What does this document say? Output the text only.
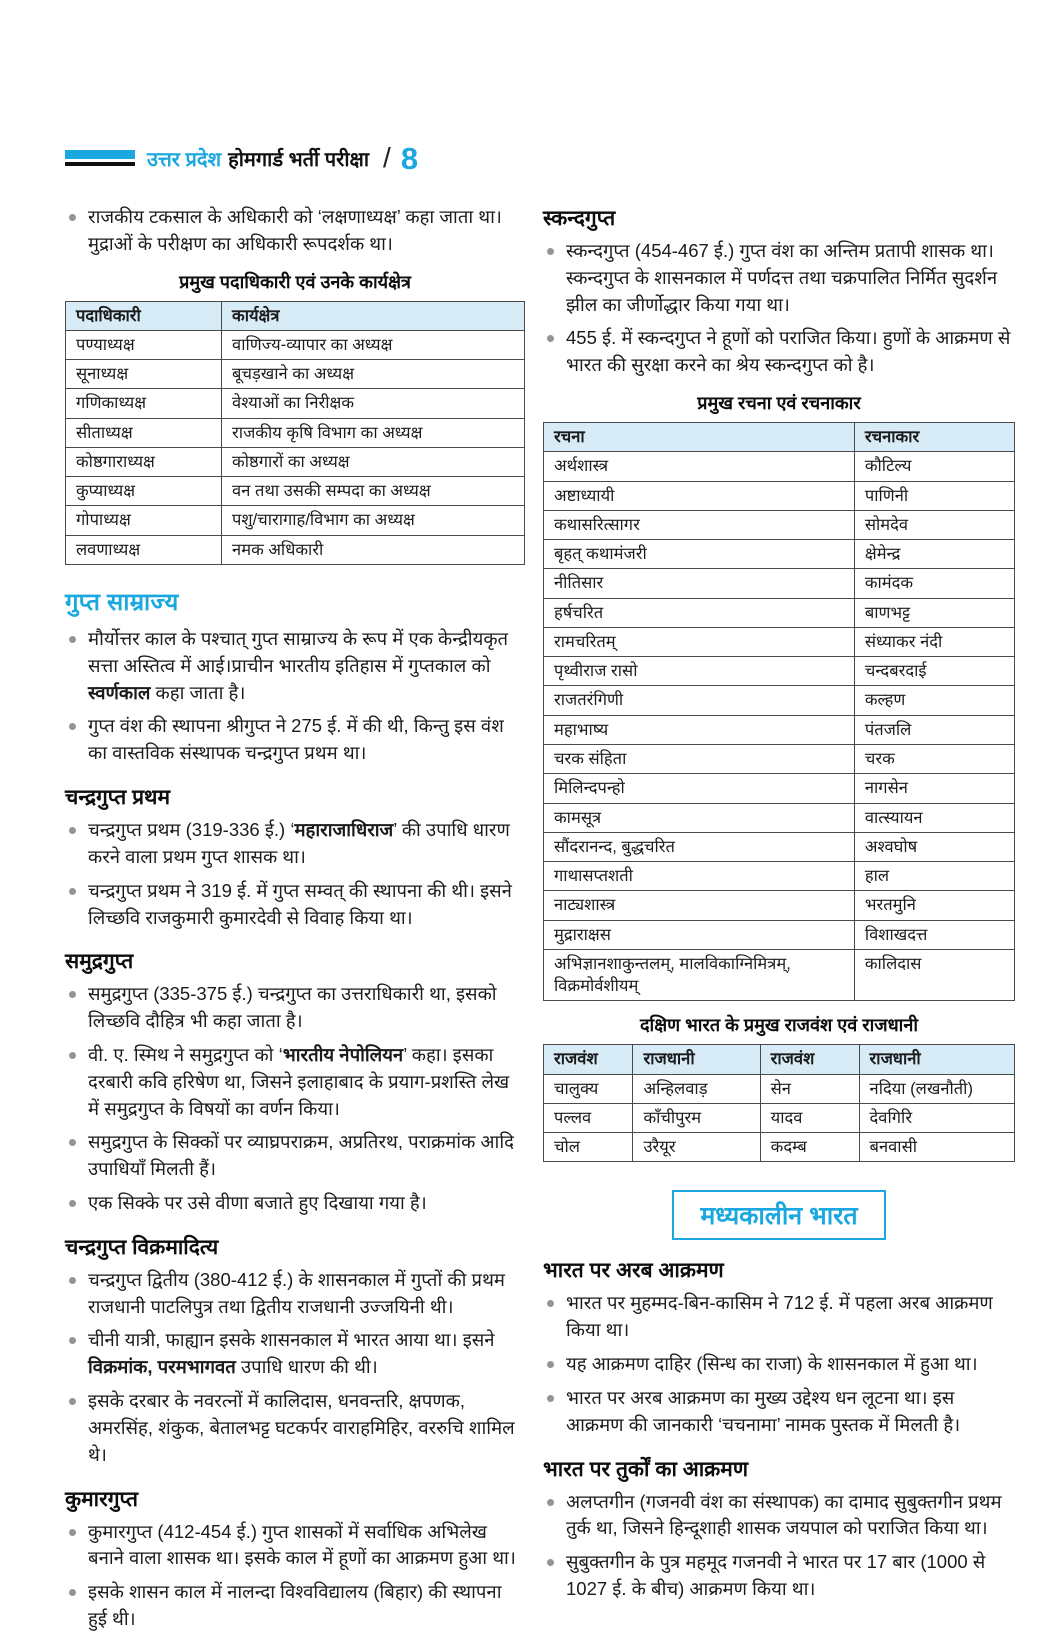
उत्तर प्रदेश होमगार्ड भर्ती परीक्षा / 8
राजकीय टकसाल के अधिकारी को ‘लक्षणाध्यक्ष’ कहा जाता था। मुद्राओं के परीक्षण का अधिकारी रूपदर्शक था।
प्रमुख पदाधिकारी एवं उनके कार्यक्षेत्र
पदाधिकारी	कार्यक्षेत्र
पण्याध्यक्ष	वाणिज्य-व्यापार का अध्यक्ष
सूनाध्यक्ष	बूचड़खाने का अध्यक्ष
गणिकाध्यक्ष	वेश्याओं का निरीक्षक
सीताध्यक्ष	राजकीय कृषि विभाग का अध्यक्ष
कोष्ठगाराध्यक्ष	कोष्ठगारों का अध्यक्ष
कुप्याध्यक्ष	वन तथा उसकी सम्पदा का अध्यक्ष
गोपाध्यक्ष	पशु/चारागाह/विभाग का अध्यक्ष
लवणाध्यक्ष	नमक अधिकारी
गुप्त साम्राज्य
मौर्योत्तर काल के पश्चात् गुप्त साम्राज्य के रूप में एक केन्द्रीयकृत सत्ता अस्तित्व में आई।प्राचीन भारतीय इतिहास में गुप्तकाल को स्वर्णकाल कहा जाता है।
गुप्त वंश की स्थापना श्रीगुप्त ने 275 ई. में की थी, किन्तु इस वंश का वास्तविक संस्थापक चन्द्रगुप्त प्रथम था।
चन्द्रगुप्त प्रथम
चन्द्रगुप्त प्रथम (319-336 ई.) ‘महाराजाधिराज’ की उपाधि धारण करने वाला प्रथम गुप्त शासक था।
चन्द्रगुप्त प्रथम ने 319 ई. में गुप्त सम्वत् की स्थापना की थी। इसने लिच्छवि राजकुमारी कुमारदेवी से विवाह किया था।
समुद्रगुप्त
समुद्रगुप्त (335-375 ई.) चन्द्रगुप्त का उत्तराधिकारी था, इसको लिच्छवि दौहित्र भी कहा जाता है।
वी. ए. स्मिथ ने समुद्रगुप्त को ‘भारतीय नेपोलियन’ कहा। इसका दरबारी कवि हरिषेण था, जिसने इलाहाबाद के प्रयाग-प्रशस्ति लेख में समुद्रगुप्त के विषयों का वर्णन किया।
समुद्रगुप्त के सिक्कों पर व्याघ्रपराक्रम, अप्रतिरथ, पराक्रमांक आदि उपाधियाँ मिलती हैं।
एक सिक्के पर उसे वीणा बजाते हुए दिखाया गया है।
चन्द्रगुप्त विक्रमादित्य
चन्द्रगुप्त द्वितीय (380-412 ई.) के शासनकाल में गुप्तों की प्रथम राजधानी पाटलिपुत्र तथा द्वितीय राजधानी उज्जयिनी थी।
चीनी यात्री, फाह्यान इसके शासनकाल में भारत आया था। इसने विक्रमांक, परमभागवत उपाधि धारण की थी।
इसके दरबार के नवरत्नों में कालिदास, धनवन्तरि, क्षपणक, अमरसिंह, शंकुक, बेतालभट्ट घटकर्पर वाराहमिहिर, वररुचि शामिल थे।
कुमारगुप्त
कुमारगुप्त (412-454 ई.) गुप्त शासकों में सर्वाधिक अभिलेख बनाने वाला शासक था। इसके काल में हूणों का आक्रमण हुआ था।
इसके शासन काल में नालन्दा विश्वविद्यालय (बिहार) की स्थापना हुई थी।
स्कन्दगुप्त
स्कन्दगुप्त (454-467 ई.) गुप्त वंश का अन्तिम प्रतापी शासक था। स्कन्दगुप्त के शासनकाल में पर्णदत्त तथा चक्रपालित निर्मित सुदर्शन झील का जीर्णोद्धार किया गया था।
455 ई. में स्कन्दगुप्त ने हूणों को पराजित किया। हुणों के आक्रमण से भारत की सुरक्षा करने का श्रेय स्कन्दगुप्त को है।
प्रमुख रचना एवं रचनाकार
रचना	रचनाकार
अर्थशास्त्र	कौटिल्य
अष्टाध्यायी	पाणिनी
कथासरित्सागर	सोमदेव
बृहत् कथामंजरी	क्षेमेन्द्र
नीतिसार	कामंदक
हर्षचरित	बाणभट्ट
रामचरितम्	संध्याकर नंदी
पृथ्वीराज रासो	चन्दबरदाई
राजतरंगिणी	कल्हण
महाभाष्य	पंतजलि
चरक संहिता	चरक
मिलिन्दपन्हो	नागसेन
कामसूत्र	वात्स्यायन
सौंदरानन्द, बुद्धचरित	अश्वघोष
गाथासप्तशती	हाल
नाट्यशास्त्र	भरतमुनि
मुद्राराक्षस	विशाखदत्त
अभिज्ञानशाकुन्तलम्, मालविकाग्निमित्रम्, विक्रमोर्वशीयम्	कालिदास
दक्षिण भारत के प्रमुख राजवंश एवं राजधानी
राजवंश	राजधानी	राजवंश	राजधानी
चालुक्य	अन्हिलवाड़	सेन	नदिया (लखनौती)
पल्लव	काँचीपुरम	यादव	देवगिरि
चोल	उरैयूर	कदम्ब	बनवासी
मध्यकालीन भारत
भारत पर अरब आक्रमण
भारत पर मुहम्मद-बिन-कासिम ने 712 ई. में पहला अरब आक्रमण किया था।
यह आक्रमण दाहिर (सिन्ध का राजा) के शासनकाल में हुआ था।
भारत पर अरब आक्रमण का मुख्य उद्देश्य धन लूटना था। इस आक्रमण की जानकारी ‘चचनामा’ नामक पुस्तक में मिलती है।
भारत पर तुर्कों का आक्रमण
अलप्तगीन (गजनवी वंश का संस्थापक) का दामाद सुबुक्तगीन प्रथम तुर्क था, जिसने हिन्दूशाही शासक जयपाल को पराजित किया था।
सुबुक्तगीन के पुत्र महमूद गजनवी ने भारत पर 17 बार (1000 से 1027 ई. के बीच) आक्रमण किया था।
